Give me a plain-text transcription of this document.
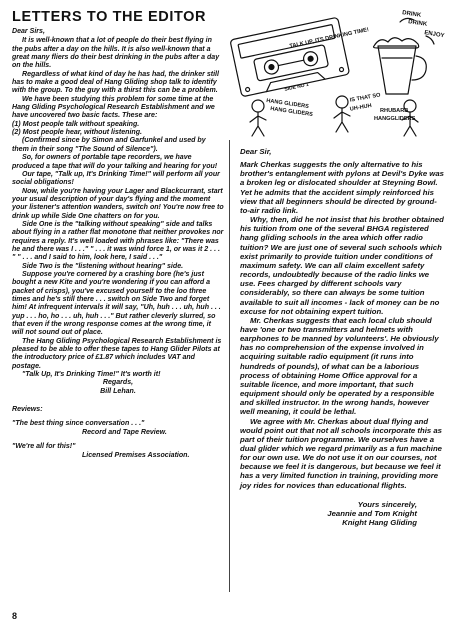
LETTERS TO THE EDITOR

Dear Sirs,

It is well-known that a lot of people do their best flying in the pubs after a day on the hills. It is also well-known that a great many fliers do their best drinking in the pubs after a day on the hills.

Regardless of what kind of day he has had, the drinker still has to make a good deal of Hang Gliding shop talk to identify with the group. To the guy with a thirst this can be a problem.

We have been studying this problem for some time at the Hang Gliding Psychological Research Establishment and we have uncovered two basic facts. These are:

(1) Most people talk without speaking.

(2) Most people hear, without listening.

(Confirmed since by Simon and Garfunkel and used by them in their song "The Sound of Silence").

So, for owners of portable tape recorders, we have produced a tape that will do your talking and hearing for you!

Our tape, "Talk up, It's Drinking Time!" will perform all your social obligations!

Now, while you're having your Lager and Blackcurrant, start your usual description of your day's flying and the moment your listener's attention wanders, switch on! You're now free to drink up while Side One chatters on for you.

Side One is the "talking without speaking" side and talks about flying in a rather flat monotone that neither provokes nor requires a reply. It's well loaded with phrases like: "There was he and there was I . . ." " . . . it was wind force 1, or was it 2 . . . " " . . . and I said to him, look here, I said . . ."

Side Two is the "listening without hearing" side.

Suppose you're cornered by a crashing bore (he's just bought a new Kite and you're wondering if you can afford a packet of crisps), you've excused yourself to the loo three times and he's still there . . . switch on Side Two and forget him! At infrequent intervals it will say, "Uh, huh . . . uh, huh . . . yup . . . ho, ho . . . uh, huh . . ." But rather cleverly slurred, so that even if the wrong response comes at the wrong time, it will not sound out of place.

The Hang Gliding Psychological Research Establishment is pleased to be able to offer these tapes to Hang Glider Pilots at the introductory price of £1.87 which includes VAT and postage.

"Talk Up, It's Drinking Time!" It's worth it!

Regards,

Bill Lehan.

Reviews:

"The best thing since conversation . . ."

Record and Tape Review.

"We're all for this!"

Licensed Premises Association.

TALK UP, ITS DRINKING TIME!
SIDE NO 1
DRINK
DRINK
ENJOY
HANG GLIDERS
HANG GLIDERS
IS THAT SO
UH-HUH RHUBARB
HANGGLIDERS

Dear Sir,

Mark Cherkas suggests the only alternative to his brother's entanglement with pylons at Devil's Dyke was a broken leg or dislocated shoulder at Steyning Bowl. Yet he admits that the accident simply reinforced his view that all beginners should be directed by ground-to-air radio link.

Why, then, did he not insist that his brother obtained his tuition from one of the several BHGA registered hang gliding schools in the area which offer radio tuition? We are just one of several such schools which exist primarily to provide tuition under conditions of maximum safety. We can all claim excellent safety records, undoubtedly because of the radio links we use. Fees charged by different schools vary considerably, so there can always be some tuition available to suit all incomes - lack of money can be no excuse for not obtaining expert tuition.

Mr. Cherkas suggests that each local club should have 'one or two transmitters and helmets with earphones to be manned by volunteers'. He obviously has no comprehension of the expense involved in acquiring suitable radio equipment (it runs into hundreds of pounds), of what can be a laborious process of obtaining Home Office approval for a suitable licence, and more important, that such equipment should only be operated by a responsible and skilled instructor. In the wrong hands, however well meaning, it could be lethal.

We agree with Mr. Cherkas about dual flying and would point out that not all schools incorporate this as part of their tuition programme. We ourselves have a dual glider which we regard primarily as a fun machine for our own use. We do not use it on our courses, not because we feel it is dangerous, but because we feel it has a very limited function in training, providing more joy rides for novices than educational flights.

Yours sincerely,

Jeannie and Tom Knight

Knight Hang Gliding

8
